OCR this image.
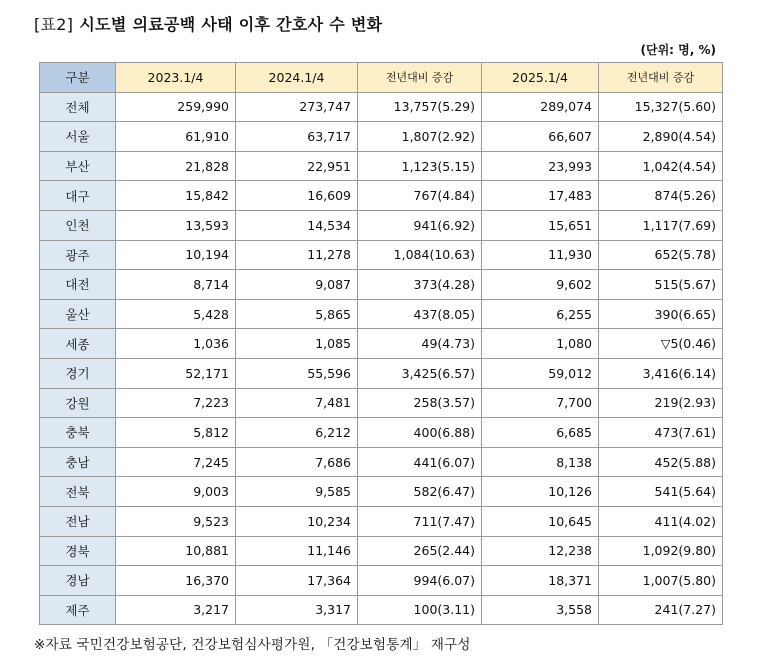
[표2] 시도별 의료공백 사태 이후 간호사 수 변화
(단위: 명, %)
구분	2023.1/4	2024.1/4	전년대비 증감	2025.1/4	전년대비 증감
전체	259,990	273,747	13,757(5.29)	289,074	15,327(5.60)
서울	61,910	63,717	1,807(2.92)	66,607	2,890(4.54)
부산	21,828	22,951	1,123(5.15)	23,993	1,042(4.54)
대구	15,842	16,609	767(4.84)	17,483	874(5.26)
인천	13,593	14,534	941(6.92)	15,651	1,117(7.69)
광주	10,194	11,278	1,084(10.63)	11,930	652(5.78)
대전	8,714	9,087	373(4.28)	9,602	515(5.67)
울산	5,428	5,865	437(8.05)	6,255	390(6.65)
세종	1,036	1,085	49(4.73)	1,080	▽5(0.46)
경기	52,171	55,596	3,425(6.57)	59,012	3,416(6.14)
강원	7,223	7,481	258(3.57)	7,700	219(2.93)
충북	5,812	6,212	400(6.88)	6,685	473(7.61)
충남	7,245	7,686	441(6.07)	8,138	452(5.88)
전북	9,003	9,585	582(6.47)	10,126	541(5.64)
전남	9,523	10,234	711(7.47)	10,645	411(4.02)
경북	10,881	11,146	265(2.44)	12,238	1,092(9.80)
경남	16,370	17,364	994(6.07)	18,371	1,007(5.80)
제주	3,217	3,317	100(3.11)	3,558	241(7.27)
※자료 국민건강보험공단, 건강보험심사평가원, 「건강보험통계」 재구성
